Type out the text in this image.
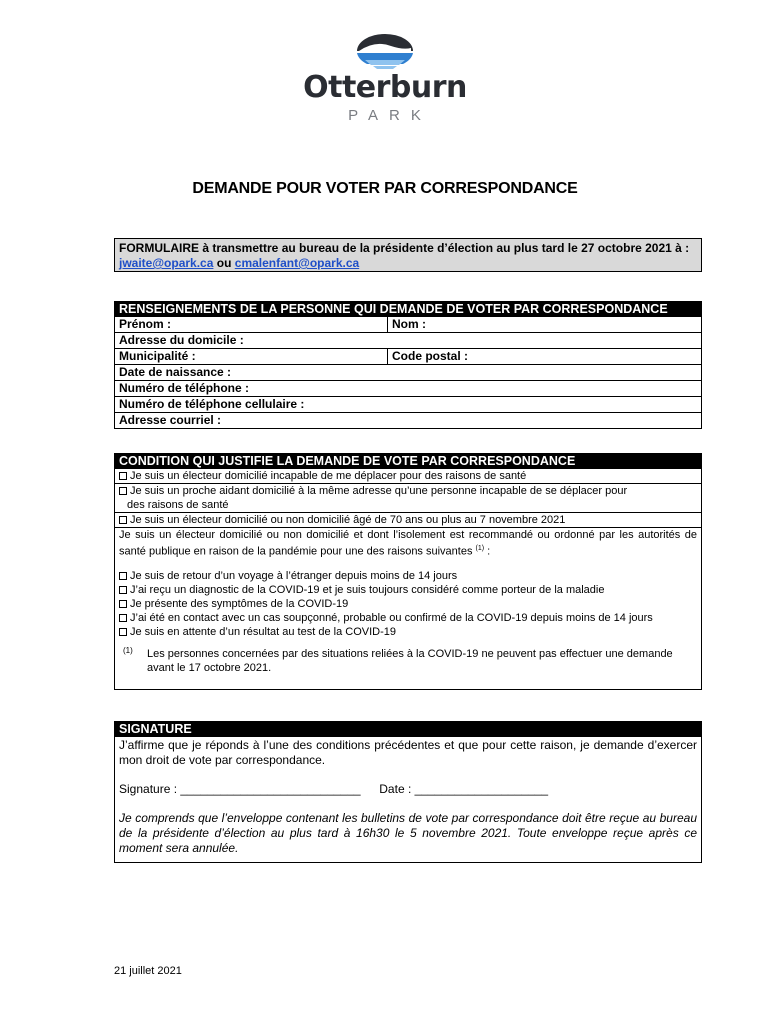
Otterburn
PARK
DEMANDE POUR VOTER PAR CORRESPONDANCE
FORMULAIRE à transmettre au bureau de la présidente d’élection au plus tard le 27 octobre 2021 à : jwaite@opark.ca ou cmalenfant@opark.ca
RENSEIGNEMENTS DE LA PERSONNE QUI DEMANDE DE VOTER PAR CORRESPONDANCE
Prénom :	Nom :
Adresse du domicile :
Municipalité :	Code postal :
Date de naissance :
Numéro de téléphone :
Numéro de téléphone cellulaire :
Adresse courriel :
CONDITION QUI JUSTIFIE LA DEMANDE DE VOTE PAR CORRESPONDANCE
Je suis un électeur domicilié incapable de me déplacer pour des raisons de santé
Je suis un proche aidant domicilié à la même adresse qu’une personne incapable de se déplacer pour
des raisons de santé
Je suis un électeur domicilié ou non domicilié âgé de 70 ans ou plus au 7 novembre 2021
Je suis un électeur domicilié ou non domicilié et dont l’isolement est recommandé ou ordonné par les autorités de santé publique en raison de la pandémie pour une des raisons suivantes $^{(1)}$ :
Je suis de retour d’un voyage à l’étranger depuis moins de 14 jours
J’ai reçu un diagnostic de la COVID-19 et je suis toujours considéré comme porteur de la maladie
Je présente des symptômes de la COVID-19
J’ai été en contact avec un cas soupçonné, probable ou confirmé de la COVID-19 depuis moins de 14 jours
Je suis en attente d’un résultat au test de la COVID-19
(1) Les personnes concernées par des situations reliées à la COVID-19 ne peuvent pas effectuer une demande avant le 17 octobre 2021.
SIGNATURE
J’affirme que je réponds à l’une des conditions précédentes et que pour cette raison, je demande d’exercer mon droit de vote par correspondance.
Signature : ___________________________ Date : ____________________
Je comprends que l’enveloppe contenant les bulletins de vote par correspondance doit être reçue au bureau de la présidente d’élection au plus tard à 16h30 le 5 novembre 2021. Toute enveloppe reçue après ce moment sera annulée.
21 juillet 2021
